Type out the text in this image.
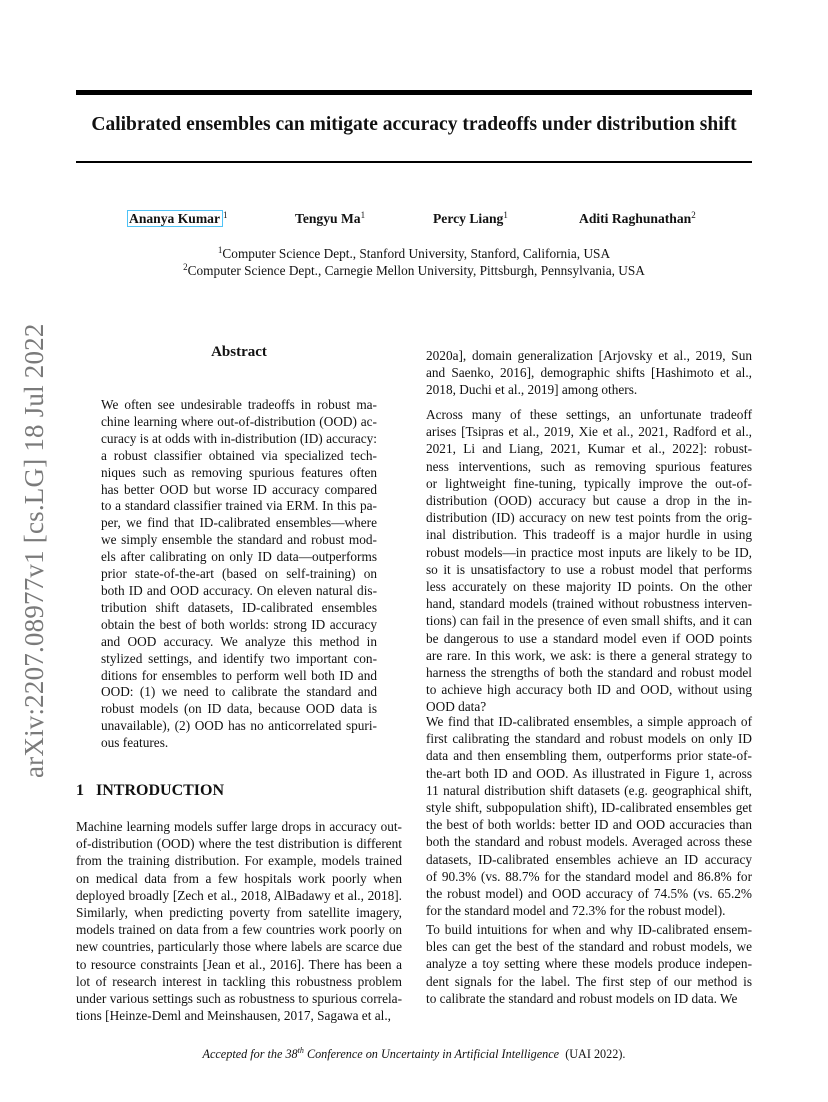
Calibrated ensembles can mitigate accuracy tradeoffs under distribution shift
Ananya Kumar $^1$	Tengyu Ma$^1$	Percy Liang$^1$	Aditi Raghunathan$^2$
$^1$Computer Science Dept., Stanford University, Stanford, California, USA
$^2$Computer Science Dept., Carnegie Mellon University, Pittsburgh, Pennsylvania, USA
arXiv:2207.08977v1 [cs.LG] 18 Jul 2022	Abstract
We often see undesirable tradeoffs in robust ma-
chine learning where out-of-distribution (OOD) ac-
curacy is at odds with in-distribution (ID) accuracy:
a robust classifier obtained via specialized tech-
niques such as removing spurious features often
has better OOD but worse ID accuracy compared
to a standard classifier trained via ERM. In this pa-
per, we find that ID-calibrated ensembles—where
we simply ensemble the standard and robust mod-
els after calibrating on only ID data—outperforms
prior state-of-the-art (based on self-training) on
both ID and OOD accuracy. On eleven natural dis-
tribution shift datasets, ID-calibrated ensembles
obtain the best of both worlds: strong ID accuracy
and OOD accuracy. We analyze this method in
stylized settings, and identify two important con-
ditions for ensembles to perform well both ID and
OOD: (1) we need to calibrate the standard and
robust models (on ID data, because OOD data is
unavailable), (2) OOD has no anticorrelated spuri-
ous features.
1 INTRODUCTION
Machine learning models suffer large drops in accuracy out-
of-distribution (OOD) where the test distribution is different
from the training distribution. For example, models trained
on medical data from a few hospitals work poorly when
deployed broadly [Zech et al., 2018, AlBadawy et al., 2018].
Similarly, when predicting poverty from satellite imagery,
models trained on data from a few countries work poorly on
new countries, particularly those where labels are scarce due
to resource constraints [Jean et al., 2016]. There has been a
lot of research interest in tackling this robustness problem
under various settings such as robustness to spurious correla-
tions [Heinze-Deml and Meinshausen, 2017, Sagawa et al.,
2020a], domain generalization [Arjovsky et al., 2019, Sun
and Saenko, 2016], demographic shifts [Hashimoto et al.,
2018, Duchi et al., 2019] among others.
Across many of these settings, an unfortunate tradeoff
arises [Tsipras et al., 2019, Xie et al., 2021, Radford et al.,
2021, Li and Liang, 2021, Kumar et al., 2022]: robust-
ness interventions, such as removing spurious features
or lightweight fine-tuning, typically improve the out-of-
distribution (OOD) accuracy but cause a drop in the in-
distribution (ID) accuracy on new test points from the orig-
inal distribution. This tradeoff is a major hurdle in using
robust models—in practice most inputs are likely to be ID,
so it is unsatisfactory to use a robust model that performs
less accurately on these majority ID points. On the other
hand, standard models (trained without robustness interven-
tions) can fail in the presence of even small shifts, and it can
be dangerous to use a standard model even if OOD points
are rare. In this work, we ask: is there a general strategy to
harness the strengths of both the standard and robust model
to achieve high accuracy both ID and OOD, without using
OOD data?
We find that ID-calibrated ensembles, a simple approach of
first calibrating the standard and robust models on only ID
data and then ensembling them, outperforms prior state-of-
the-art both ID and OOD. As illustrated in Figure 1, across
11 natural distribution shift datasets (e.g. geographical shift,
style shift, subpopulation shift), ID-calibrated ensembles get
the best of both worlds: better ID and OOD accuracies than
both the standard and robust models. Averaged across these
datasets, ID-calibrated ensembles achieve an ID accuracy
of 90.3% (vs. 88.7% for the standard model and 86.8% for
the robust model) and OOD accuracy of 74.5% (vs. 65.2%
for the standard model and 72.3% for the robust model).
To build intuitions for when and why ID-calibrated ensem-
bles can get the best of the standard and robust models, we
analyze a toy setting where these models produce indepen-
dent signals for the label. The first step of our method is
to calibrate the standard and robust models on ID data. We
Accepted for the 38th Conference on Uncertainty in Artificial Intelligence (UAI 2022).
